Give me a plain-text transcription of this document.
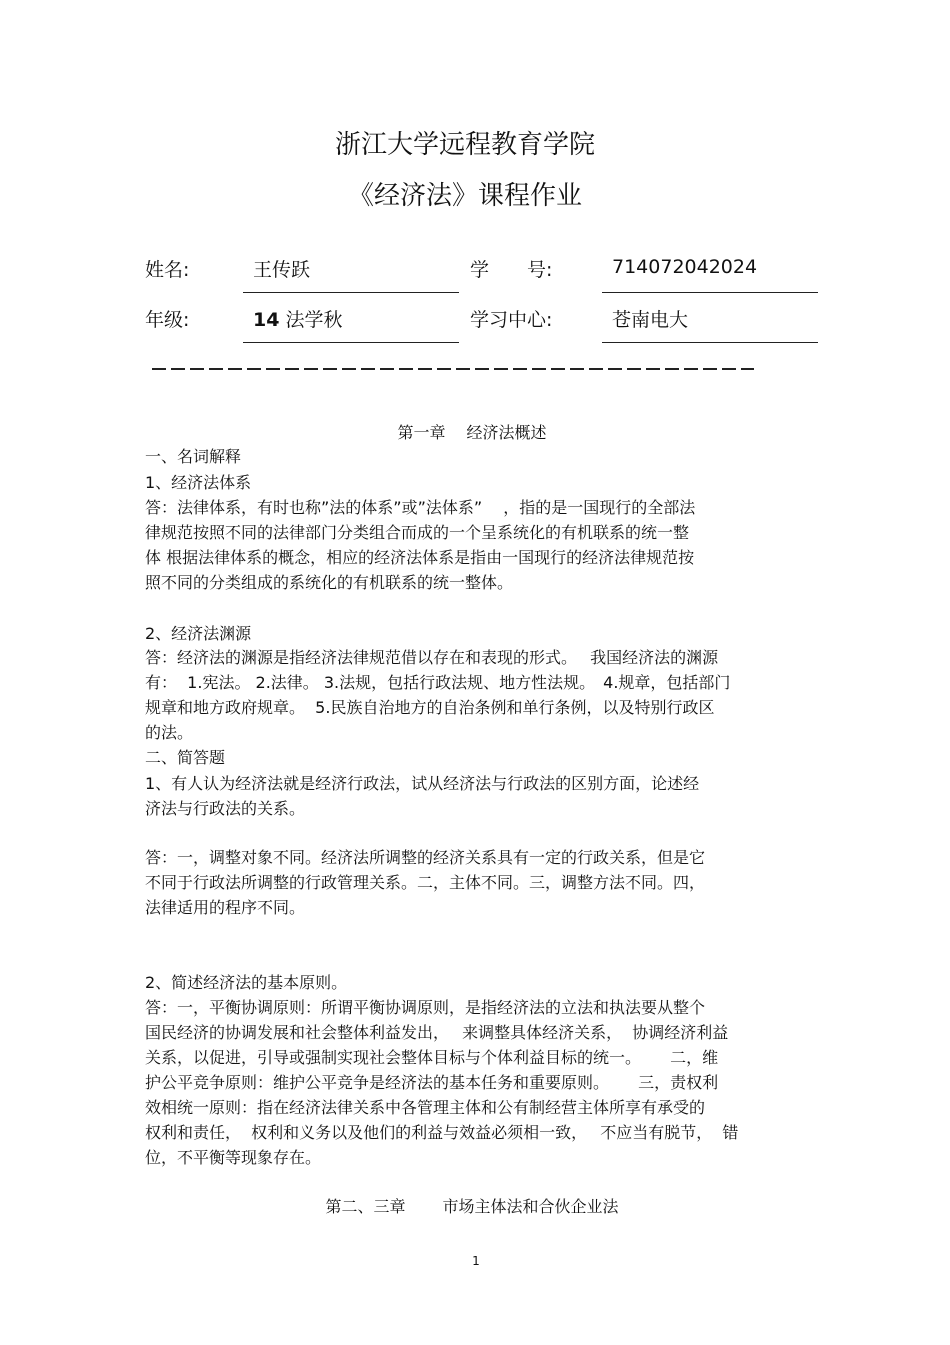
浙江大学远程教育学院
《经济法》课程作业
姓名:	王传跃	学　　号:	714072042024
年级:	14 法学秋	学习中心:	苍南电大
第一章　 经济法概述
一、名词解释
1、经济法体系
答：法律体系，有时也称”法的体系”或”法体系”　 ，指的是一国现行的全部法
律规范按照不同的法律部门分类组合而成的一个呈系统化的有机联系的统一整
体 根据法律体系的概念，相应的经济法体系是指由一国现行的经济法律规范按
照不同的分类组成的系统化的有机联系的统一整体。
2、经济法渊源
答：经济法的渊源是指经济法律规范借以存在和表现的形式。　 我国经济法的渊源
有：  1.宪法。 2.法律。 3.法规，包括行政法规、地方性法规。　4.规章，包括部门
规章和地方政府规章。  5.民族自治地方的自治条例和单行条例，以及特别行政区
的法。
二、简答题
1、有人认为经济法就是经济行政法，试从经济法与行政法的区别方面，论述经
济法与行政法的关系。
答：一，调整对象不同。经济法所调整的经济关系具有一定的行政关系，但是它
不同于行政法所调整的行政管理关系。二，主体不同。三，调整方法不同。四，
法律适用的程序不同。
2、简述经济法的基本原则。
答：一，平衡协调原则：所谓平衡协调原则，是指经济法的立法和执法要从整个
国民经济的协调发展和社会整体利益发出，　 来调整具体经济关系，  协调经济利益
关系，以促进，引导或强制实现社会整体目标与个体利益目标的统一。　　 二，维
护公平竞争原则：维护公平竞争是经济法的基本任务和重要原则。　　 三，责权利
效相统一原则：指在经济法律关系中各管理主体和公有制经营主体所享有承受的
权利和责任，  权利和义务以及他们的利益与效益必须相一致，　 不应当有脱节，  错
位，不平衡等现象存在。
第二、三章　　 市场主体法和合伙企业法
1
